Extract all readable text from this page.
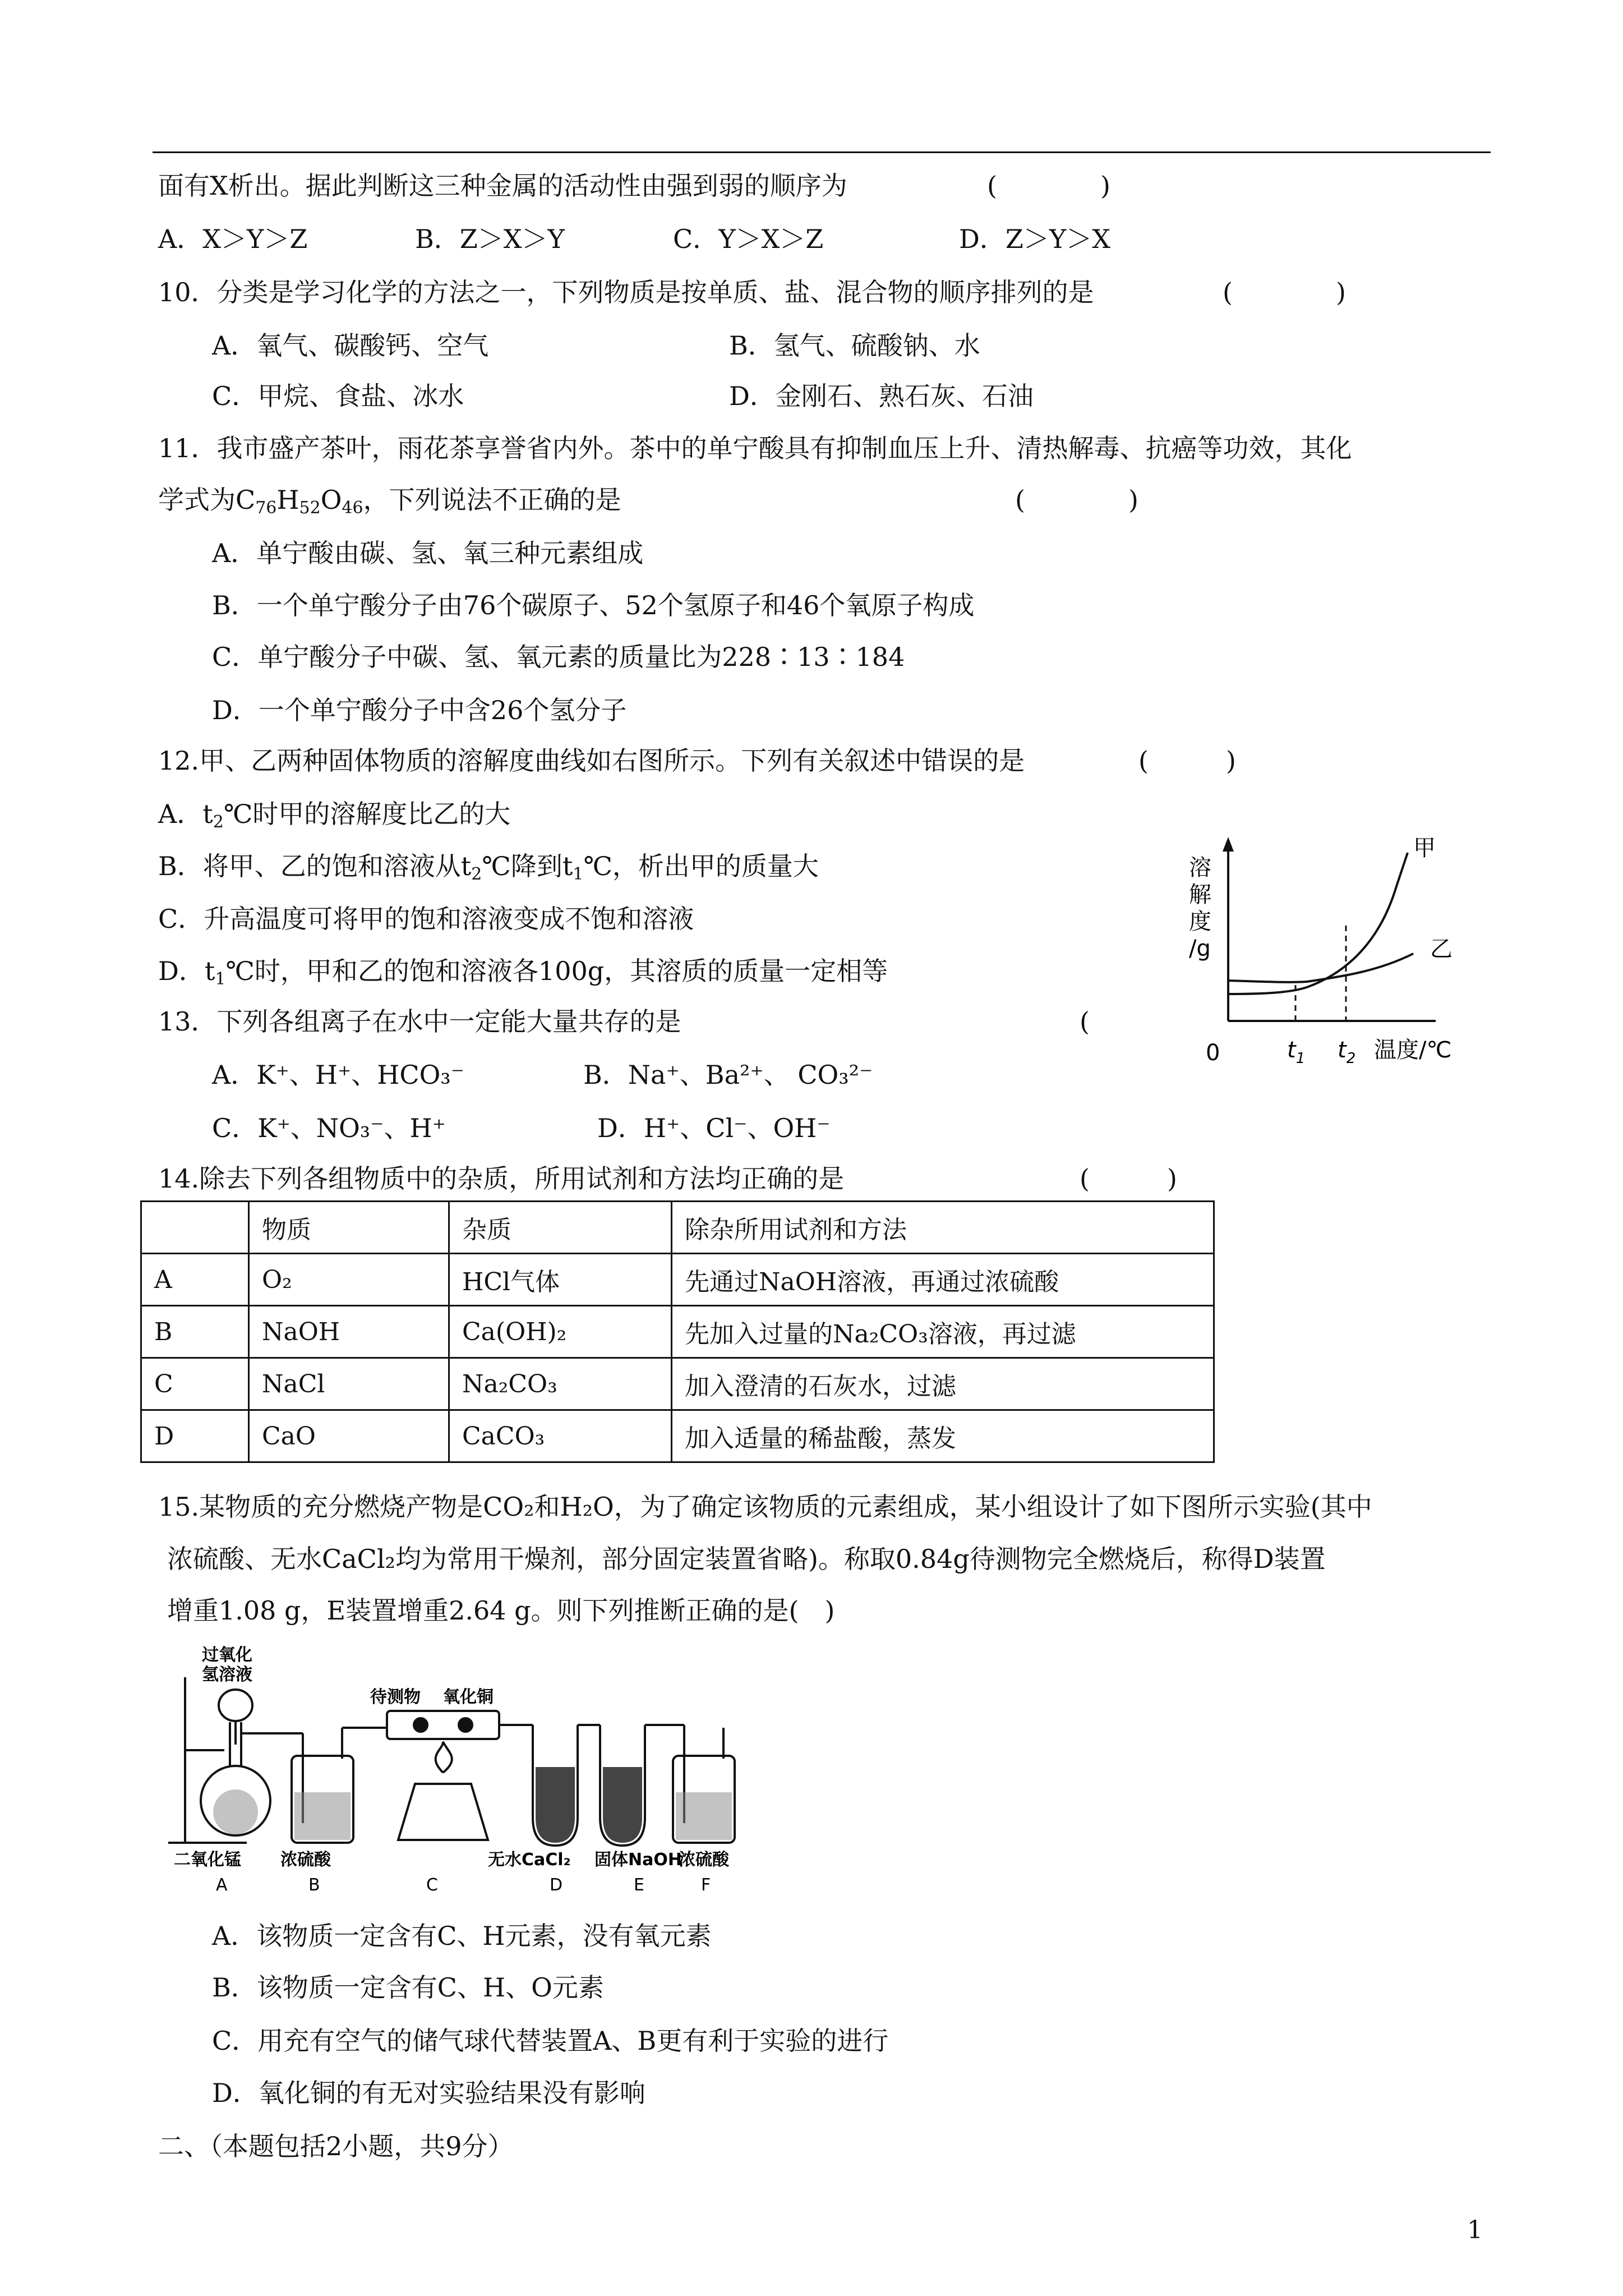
面有X析出。据此判断这三种金属的活动性由强到弱的顺序为	(　　　　)
A．X＞Y＞Z	B．Z＞X＞Y	C．Y＞X＞Z	D．Z＞Y＞X
10．分类是学习化学的方法之一，下列物质是按单质、盐、混合物的顺序排列的是	(　　　　)
A．氧气、碳酸钙、空气	B．氢气、硫酸钠、水
C．甲烷、食盐、冰水	D．金刚石、熟石灰、石油
11．我市盛产茶叶，雨花茶享誉省内外。茶中的单宁酸具有抑制血压上升、清热解毒、抗癌等功效，其化
学式为$C_{76}H_{52}O_{46}$，下列说法不正确的是	(　　　　)
A．单宁酸由碳、氢、氧三种元素组成
B．一个单宁酸分子由76个碳原子、52个氢原子和46个氧原子构成
C．单宁酸分子中碳、氢、氧元素的质量比为228∶13∶184
D．一个单宁酸分子中含26个氢分子
12.甲、乙两种固体物质的溶解度曲线如右图所示。下列有关叙述中错误的是	(　　　)
A．$t_2℃$时甲的溶解度比乙的大
B．将甲、乙的饱和溶液从$t_2℃$降到$t_1℃$，析出甲的质量大
C．升高温度可将甲的饱和溶液变成不饱和溶液
D．$t_1℃$时，甲和乙的饱和溶液各100g，其溶质的质量一定相等
溶
解
度
/g
甲
乙
0	$t_1$ $t_2$ 温度/℃
13．下列各组离子在水中一定能大量共存的是	(
A．K⁺、H⁺、HCO₃⁻	B．Na⁺、Ba²⁺、 CO₃²⁻
C．K⁺、NO₃⁻、H⁺	D．H⁺、Cl⁻、OH⁻
14.除去下列各组物质中的杂质，所用试剂和方法均正确的是	(　　　)
	物质	杂质	除杂所用试剂和方法
A	O₂	HCl气体	先通过NaOH溶液，再通过浓硫酸
B	NaOH	Ca(OH)₂	先加入过量的Na₂CO₃溶液，再过滤
C	NaCl	Na₂CO₃	加入澄清的石灰水，过滤
D	CaO	CaCO₃	加入适量的稀盐酸，蒸发
15.某物质的充分燃烧产物是CO₂和H₂O，为了确定该物质的元素组成，某小组设计了如下图所示实验(其中
浓硫酸、无水CaCl₂均为常用干燥剂，部分固定装置省略)。称取0.84g待测物完全燃烧后，称得D装置
增重1.08 g，E装置增重2.64 g。则下列推断正确的是(　)
过氧化
氢溶液
待测物 氧化铜
二氧化锰 浓硫酸	无水CaCl₂ 固体NaOH
浓硫酸
A	B	C	D	E	F
A．该物质一定含有C、H元素，没有氧元素
B．该物质一定含有C、H、O元素
C．用充有空气的储气球代替装置A、B更有利于实验的进行
D．氧化铜的有无对实验结果没有影响
二、（本题包括2小题，共9分）
1
